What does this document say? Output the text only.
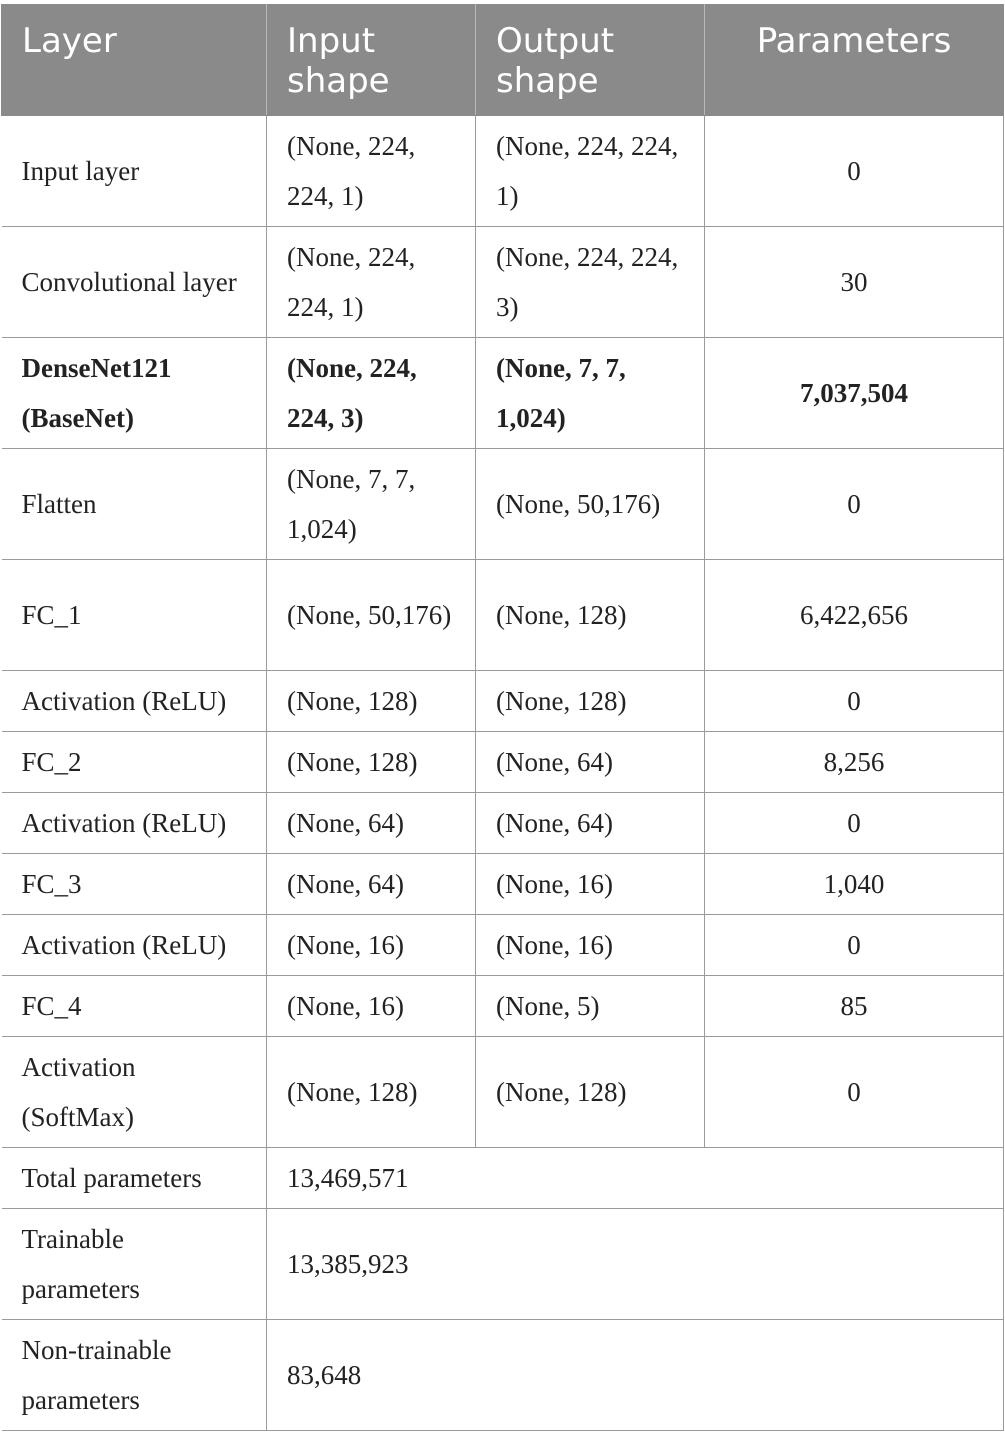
Layer	Input shape	Output shape	Parameters
Input layer	(None, 224, 224, 1)	(None, 224, 224, 1)	0
Convolutional layer	(None, 224, 224, 1)	(None, 224, 224, 3)	30
DenseNet121 (BaseNet)	(None, 224, 224, 3)	(None, 7, 7, 1,024)	7,037,504
Flatten	(None, 7, 7, 1,024)	(None, 50,176)	0
FC_1	(None, 50,176)	(None, 128)	6,422,656
Activation (ReLU)	(None, 128)	(None, 128)	0
FC_2	(None, 128)	(None, 64)	8,256
Activation (ReLU)	(None, 64)	(None, 64)	0
FC_3	(None, 64)	(None, 16)	1,040
Activation (ReLU)	(None, 16)	(None, 16)	0
FC_4	(None, 16)	(None, 5)	85
Activation (SoftMax)	(None, 128)	(None, 128)	0
Total parameters	13,469,571		
Trainable parameters	13,385,923		
Non-trainable parameters	83,648		
